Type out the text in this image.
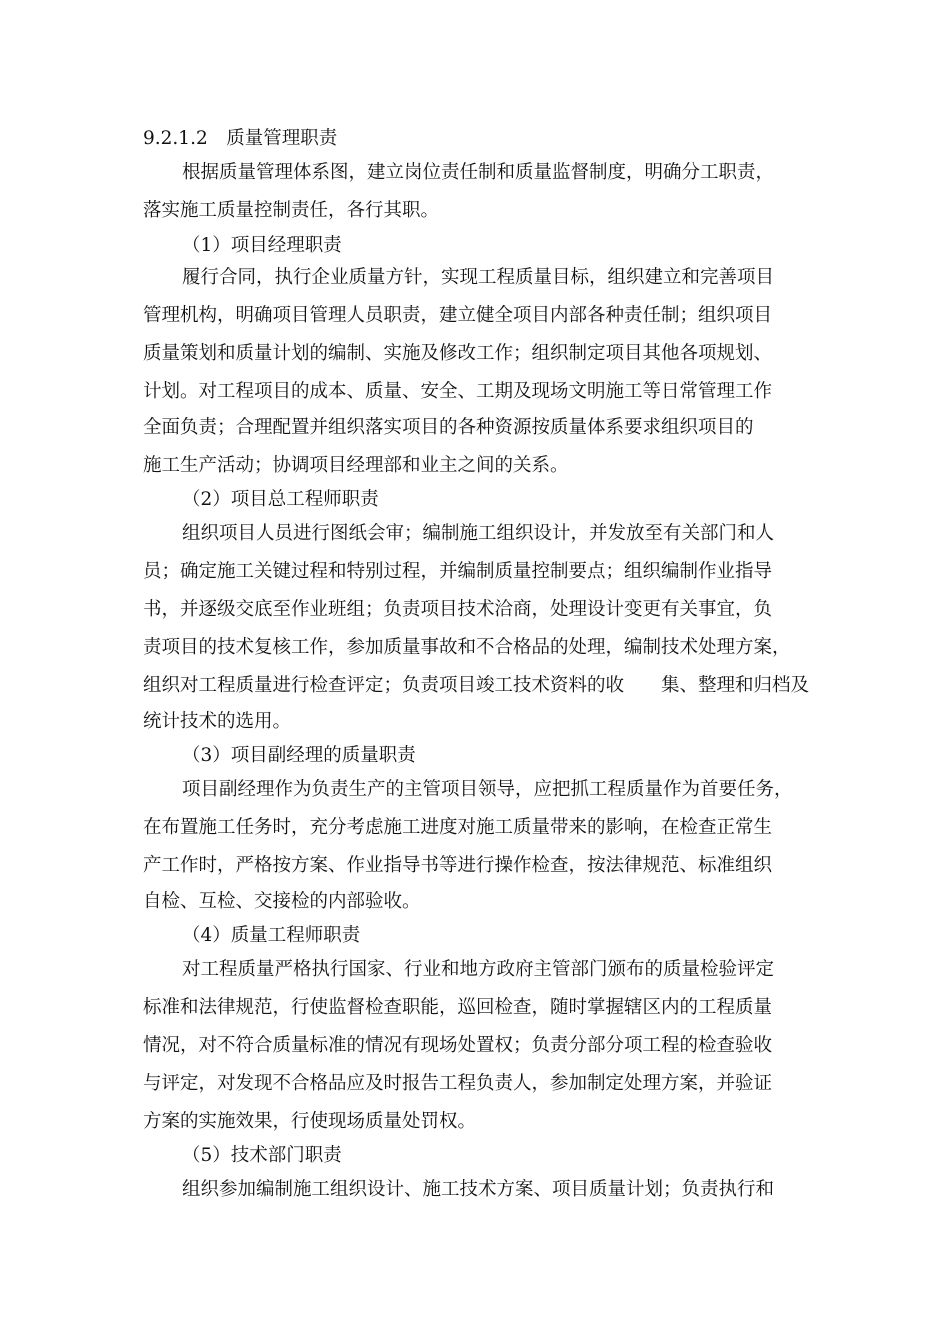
9.2.1.2　质量管理职责
根据质量管理体系图，建立岗位责任制和质量监督制度，明确分工职责，
落实施工质量控制责任，各行其职。
（1）项目经理职责
履行合同，执行企业质量方针，实现工程质量目标，组织建立和完善项目
管理机构，明确项目管理人员职责，建立健全项目内部各种责任制；组织项目
质量策划和质量计划的编制、实施及修改工作；组织制定项目其他各项规划、
计划。对工程项目的成本、质量、安全、工期及现场文明施工等日常管理工作
全面负责；合理配置并组织落实项目的各种资源按质量体系要求组织项目的
施工生产活动；协调项目经理部和业主之间的关系。
（2）项目总工程师职责
组织项目人员进行图纸会审；编制施工组织设计，并发放至有关部门和人
员；确定施工关键过程和特别过程，并编制质量控制要点；组织编制作业指导
书，并逐级交底至作业班组；负责项目技术洽商，处理设计变更有关事宜，负
责项目的技术复核工作，参加质量事故和不合格品的处理，编制技术处理方案，
组织对工程质量进行检查评定；负责项目竣工技术资料的收　　集、整理和归档及
统计技术的选用。
（3）项目副经理的质量职责
项目副经理作为负责生产的主管项目领导，应把抓工程质量作为首要任务，
在布置施工任务时，充分考虑施工进度对施工质量带来的影响，在检查正常生
产工作时，严格按方案、作业指导书等进行操作检查，按法律规范、标准组织
自检、互检、交接检的内部验收。
（4）质量工程师职责
对工程质量严格执行国家、行业和地方政府主管部门颁布的质量检验评定
标准和法律规范，行使监督检查职能，巡回检查，随时掌握辖区内的工程质量
情况，对不符合质量标准的情况有现场处置权；负责分部分项工程的检查验收
与评定，对发现不合格品应及时报告工程负责人，参加制定处理方案，并验证
方案的实施效果，行使现场质量处罚权。
（5）技术部门职责
组织参加编制施工组织设计、施工技术方案、项目质量计划；负责执行和
